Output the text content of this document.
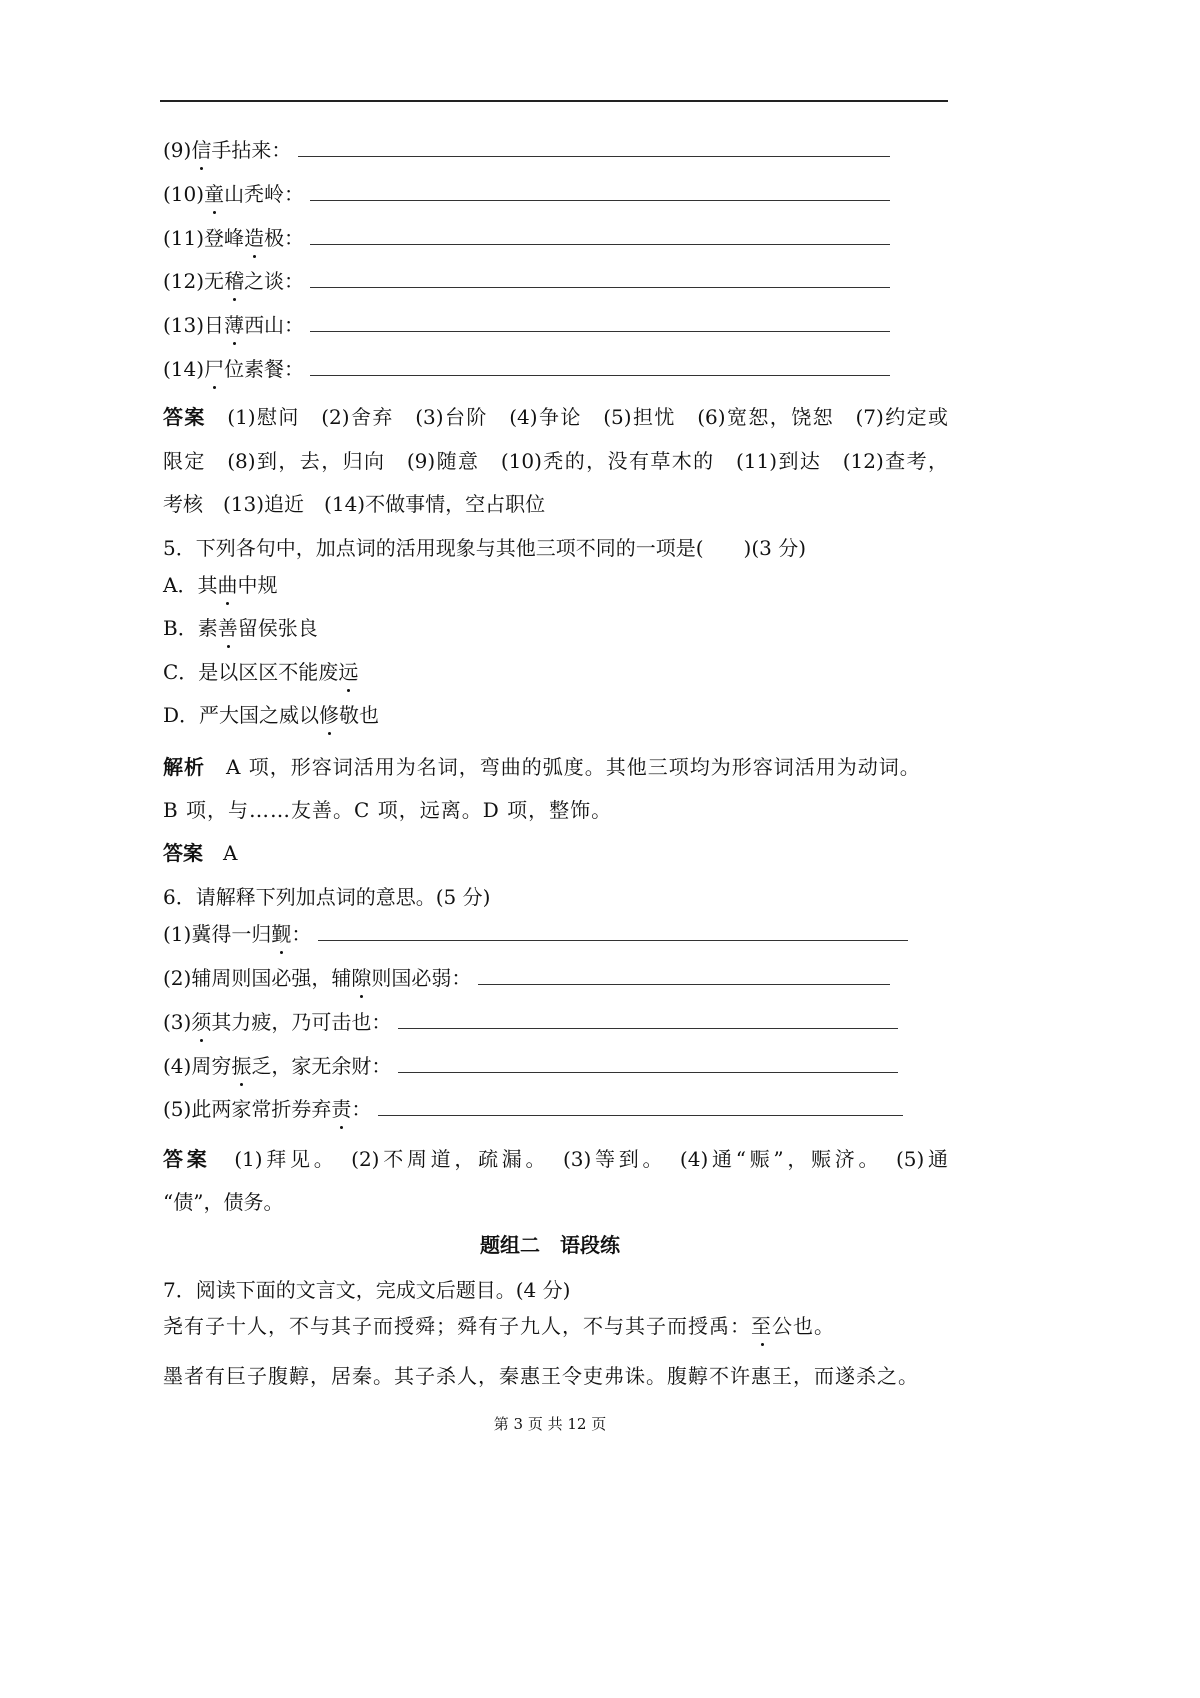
(9)信手拈来：
(10)童山秃岭：
(11)登峰造极：
(12)无稽之谈：
(13)日薄西山：
(14)尸位素餐：
答案　 (1)慰问　(2)舍弃　(3)台阶　(4)争论　(5)担忧　(6)宽恕，饶恕　(7)约定或
限定　(8)到，去，归向　(9)随意　(10)秃的，没有草木的　(11)到达　(12)查考，
考核　(13)追近　(14)不做事情，空占职位
5．下列各句中，加点词的活用现象与其他三项不同的一项是(　　)(3 分)
A．其曲中规
B．素善留侯张良
C．是以区区不能废远
D．严大国之威以修敬也
解析　 A 项，形容词活用为名词，弯曲的弧度。其他三项均为形容词活用为动词。
B 项，与……友善。C 项，远离。D 项，整饰。
答案　 A
6．请解释下列加点词的意思。(5 分)
(1)冀得一归觐：
(2)辅周则国必强，辅隙则国必弱：
(3)须其力疲，乃可击也：
(4)周穷振乏，家无余财：
(5)此两家常折券弃责：
答案　 (1)拜见。　(2)不周道，疏漏。　(3)等到。　(4)通“赈”，赈济。　(5)通
“债”，债务。
题组二　语段练
7．阅读下面的文言文，完成文后题目。(4 分)
尧有子十人，不与其子而授舜；舜有子九人，不与其子而授禹：至公也。
墨者有巨子腹䵍，居秦。其子杀人，秦惠王令吏弗诛。腹䵍不许惠王，而遂杀之。
第 3 页 共 12 页
